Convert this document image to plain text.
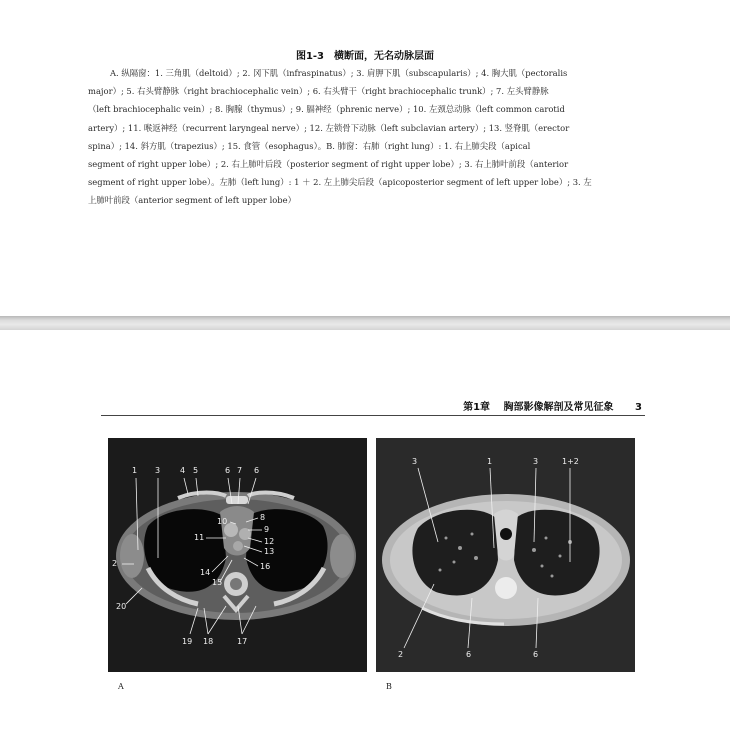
图1-3　横断面，无名动脉层面
A. 纵隔窗：1. 三角肌（deltoid）; 2. 冈下肌（infraspinatus）; 3. 肩胛下肌（subscapularis）; 4. 胸大肌（pectoralis
major）; 5. 右头臂静脉（right brachiocephalic vein）; 6. 右头臂干（right brachiocephalic trunk）; 7. 左头臂静脉
（left brachiocephalic vein）; 8. 胸腺（thymus）; 9. 膈神经（phrenic nerve）; 10. 左颈总动脉（left common carotid
artery）; 11. 喉返神经（recurrent laryngeal nerve）; 12. 左锁骨下动脉（left subclavian artery）; 13. 竖脊肌（erector
spina）; 14. 斜方肌（trapezius）; 15. 食管（esophagus）。B. 肺窗：右肺（right lung）: 1. 右上肺尖段（apical
segment of right upper lobe）; 2. 右上肺叶后段（posterior segment of right upper lobe）; 3. 右上肺叶前段（anterior
segment of right upper lobe）。左肺（left lung）: 1 ＋ 2. 左上肺尖后段（apicoposterior segment of left upper lobe）; 3. 左
上肺叶前段（anterior segment of left upper lobe）
第1章 胸部影像解剖及常见征象 3
1 3 4 5	6 7 6
10	8
9
11	12
13
14
15
16
2
20
19 18	17
3	1	3	1+2
2	6	6
A	B
